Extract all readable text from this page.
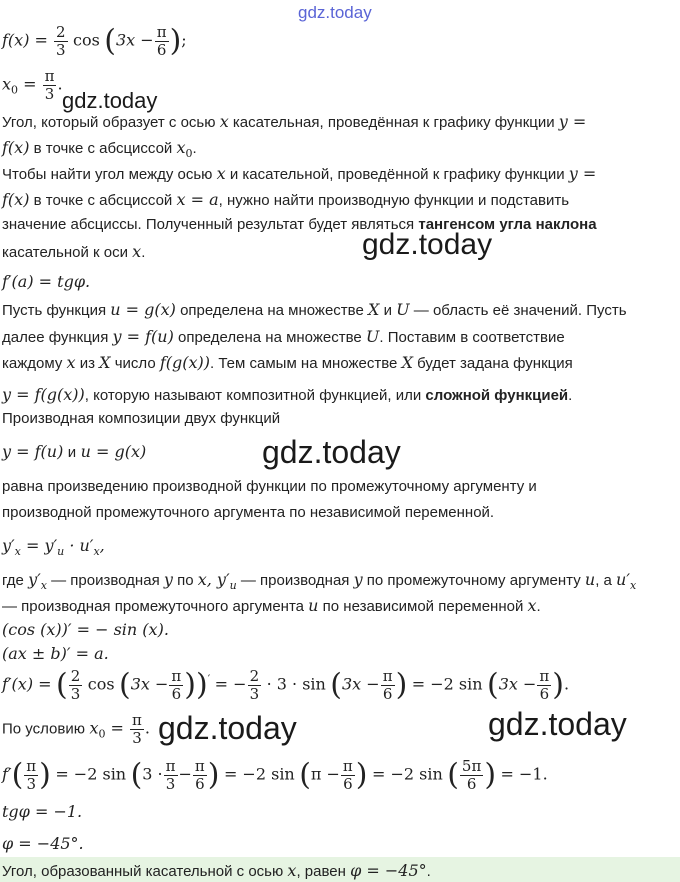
gdz.today
$f(x) = \frac{2}{3}$ $\cos (3x - \frac{\pi}{6}$ );
$x_0 = \frac{\pi}{3}$ .
gdz.today
Угол, который образует с осью x касательная, проведённая к графику функции y =
f(x) в точке с абсциссой $x_0$.
Чтобы найти угол между осью x и касательной, проведённой к графику функции y =
f(x) в точке с абсциссой x = a, нужно найти производную функции и подставить
значение абсциссы. Полученный результат будет являться тангенсом угла наклона
касательной к оси x.	gdz.today
f′(a) = tgφ.
Пусть функция u = g(x) определена на множестве X и U — область её значений. Пусть
далее функция y = f(u) определена на множестве U. Поставим в соответствие
каждому x из X число f(g(x)). Тем самым на множестве X будет задана функция
y = f(g(x)), которую называют композитной функцией, или сложной функцией.
Производная композиции двух функций
y = f(u) и u = g(x)	gdz.today
равна произведению производной функции по промежуточному аргументу и
производной промежуточного аргумента по независимой переменной.
$y'_x = y'_u \cdot u'_x$,
где $y'_x$ — производная y по x, $y'_u$ — производная y по промежуточному аргументу u, а $u'_x$
— производная промежуточного аргумента u по независимой переменной x.
(cos (x))′ = − sin (x).
(ax ± b)′ = a.
f′(x) = ( $\frac{2}{3}$ $\cos (3x - \frac{\pi}{6} ))'$ = − $\frac{2}{3} \cdot 3 \cdot \sin (3x - \frac{\pi}{6}$ ) = −2 $\sin (3x - \frac{\pi}{6}$ ).
По условию $x_0 = \frac{\pi}{3}$ . gdz.today	gdz.today
$f'( \frac{\pi}{3}$ ) = −2 $\sin (3 \cdot \frac{\pi}{3} - \frac{\pi}{6}$ ) = −2 $\sin (\pi - \frac{\pi}{6}$ ) = −2 sin ( $\frac{5\pi}{6}$ ) = −1.
tgφ = −1.
φ = −45°.
Угол, образованный касательной с осью x, равен φ = −45°.
